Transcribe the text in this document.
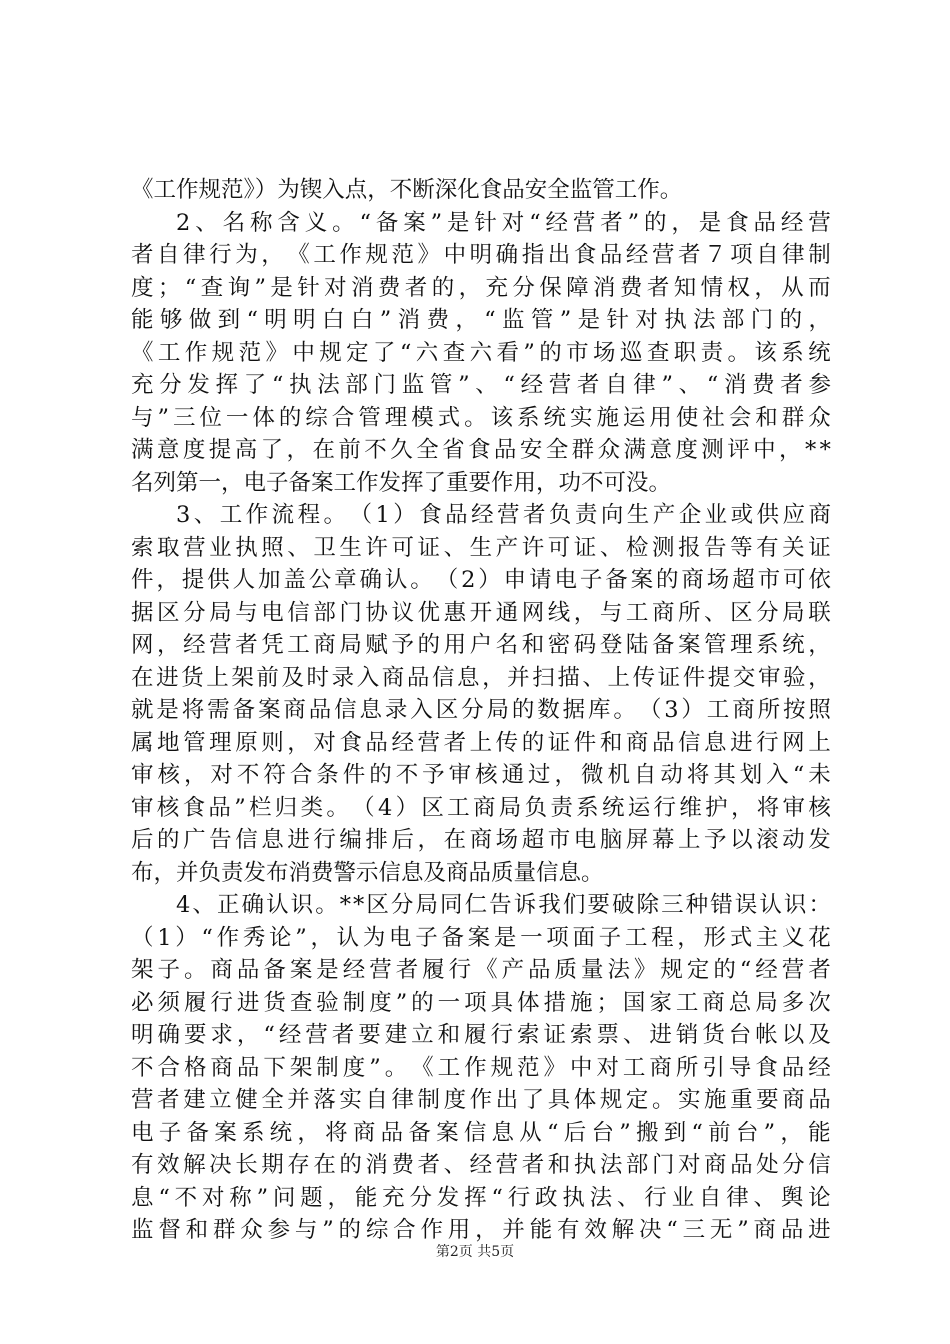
《工作规范》）为锲入点，不断深化食品安全监管工作。
2 、 名 称 含 义 。 “ 备 案 ” 是 针 对 “ 经 营 者 ” 的 ， 是 食 品 经 营
者 自 律 行 为 ， 《 工 作 规 范 》 中 明 确 指 出 食 品 经 营 者 ７ 项 自 律 制
度 ； “ 查 询 ” 是 针 对 消 费 者 的 ， 充 分 保 障 消 费 者 知 情 权 ， 从 而
能 够 做 到 “ 明 明 白 白 ” 消 费 ， “ 监 管 ” 是 针 对 执 法 部 门 的 ，
《 工 作 规 范 》 中 规 定 了 “ 六 查 六 看 ” 的 市 场 巡 查 职 责 。 该 系 统
充 分 发 挥 了 “ 执 法 部 门 监 管 ” 、 “ 经 营 者 自 律 ” 、 “ 消 费 者 参
与 ” 三 位 一 体 的 综 合 管 理 模 式 。 该 系 统 实 施 运 用 使 社 会 和 群 众
满 意 度 提 高 了 ， 在 前 不 久 全 省 食 品 安 全 群 众 满 意 度 测 评 中 ， * *
名列第一，电子备案工作发挥了重要作用，功不可没。
3 、 工 作 流 程 。 （ 1 ） 食 品 经 营 者 负 责 向 生 产 企 业 或 供 应 商
索 取 营 业 执 照 、 卫 生 许 可 证 、 生 产 许 可 证 、 检 测 报 告 等 有 关 证
件 ， 提 供 人 加 盖 公 章 确 认 。 （ 2 ） 申 请 电 子 备 案 的 商 场 超 市 可 依
据 区 分 局 与 电 信 部 门 协 议 优 惠 开 通 网 线 ， 与 工 商 所 、 区 分 局 联
网 ， 经 营 者 凭 工 商 局 赋 予 的 用 户 名 和 密 码 登 陆 备 案 管 理 系 统 ，
在 进 货 上 架 前 及 时 录 入 商 品 信 息 ， 并 扫 描 、 上 传 证 件 提 交 审 验 ，
就 是 将 需 备 案 商 品 信 息 录 入 区 分 局 的 数 据 库 。 （ 3 ） 工 商 所 按 照
属 地 管 理 原 则 ， 对 食 品 经 营 者 上 传 的 证 件 和 商 品 信 息 进 行 网 上
审 核 ， 对 不 符 合 条 件 的 不 予 审 核 通 过 ， 微 机 自 动 将 其 划 入 “ 未
审 核 食 品 ” 栏 归 类 。 （ 4 ） 区 工 商 局 负 责 系 统 运 行 维 护 ， 将 审 核
后 的 广 告 信 息 进 行 编 排 后 ， 在 商 场 超 市 电 脑 屏 幕 上 予 以 滚 动 发
布，并负责发布消费警示信息及商品质量信息。
4 、 正 确 认 识 。 * * 区 分 局 同 仁 告 诉 我 们 要 破 除 三 种 错 误 认 识 ：
（ 1 ） “ 作 秀 论 ” ， 认 为 电 子 备 案 是 一 项 面 子 工 程 ， 形 式 主 义 花
架 子 。 商 品 备 案 是 经 营 者 履 行 《 产 品 质 量 法 》 规 定 的 “ 经 营 者
必 须 履 行 进 货 查 验 制 度 ” 的 一 项 具 体 措 施 ； 国 家 工 商 总 局 多 次
明 确 要 求 ， “ 经 营 者 要 建 立 和 履 行 索 证 索 票 、 进 销 货 台 帐 以 及
不 合 格 商 品 下 架 制 度 ” 。 《 工 作 规 范 》 中 对 工 商 所 引 导 食 品 经
营 者 建 立 健 全 并 落 实 自 律 制 度 作 出 了 具 体 规 定 。 实 施 重 要 商 品
电 子 备 案 系 统 ， 将 商 品 备 案 信 息 从 “ 后 台 ” 搬 到 “ 前 台 ” ， 能
有 效 解 决 长 期 存 在 的 消 费 者 、 经 营 者 和 执 法 部 门 对 商 品 处 分 信
息 “ 不 对 称 ” 问 题 ， 能 充 分 发 挥 “ 行 政 执 法 、 行 业 自 律 、 舆 论
监 督 和 群 众 参 与 ” 的 综 合 作 用 ， 并 能 有 效 解 决 “ 三 无 ” 商 品 进
第2页 共5页
